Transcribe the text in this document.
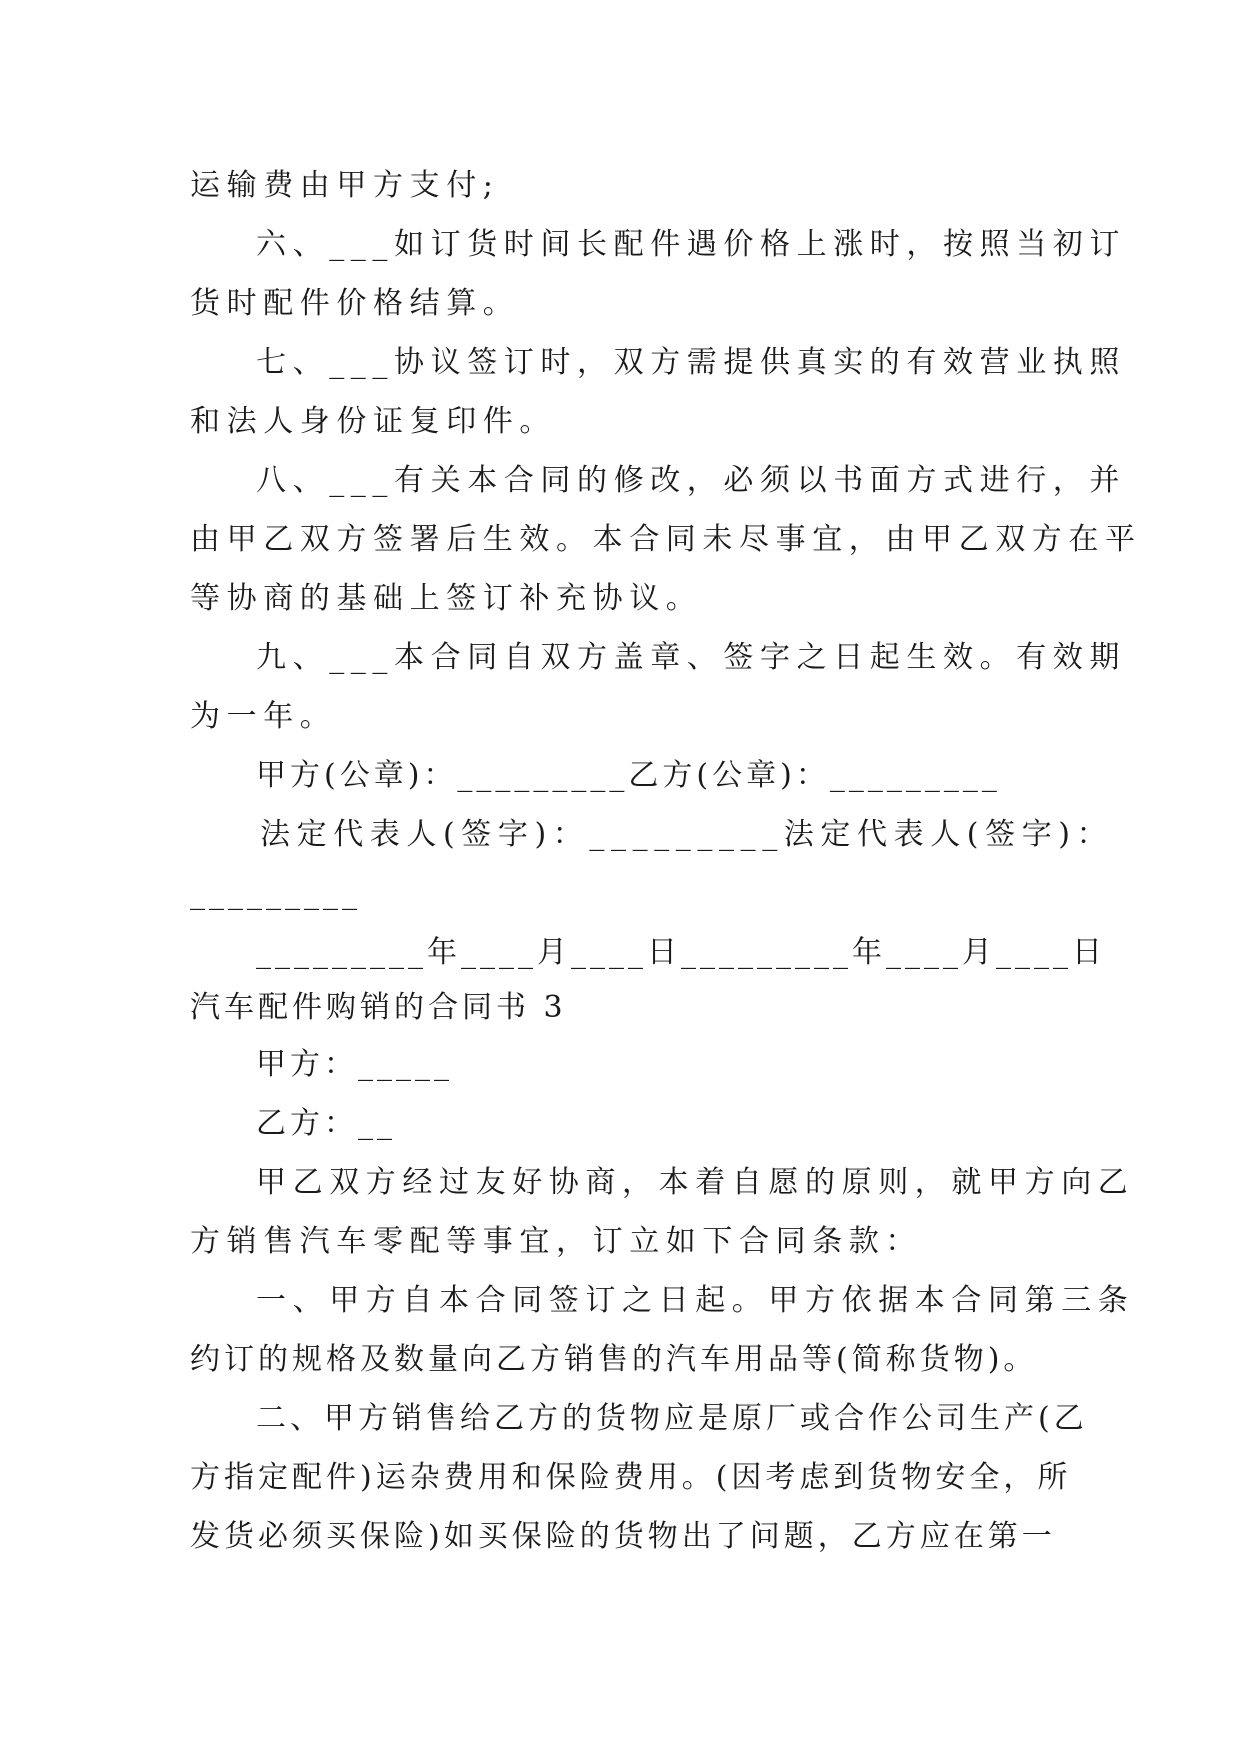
运输费由甲方支付;
六、___如订货时间长配件遇价格上涨时，按照当初订
货时配件价格结算。
七、___协议签订时，双方需提供真实的有效营业执照
和法人身份证复印件。
八、___有关本合同的修改，必须以书面方式进行，并
由甲乙双方签署后生效。本合同未尽事宜，由甲乙双方在平
等协商的基础上签订补充协议。
九、___本合同自双方盖章、签字之日起生效。有效期
为一年。
甲方(公章)：_________乙方(公章)：_________
法定代表人(签字)：_________法定代表人(签字)：
_________
_________年____月____日_________年____月____日
汽车配件购销的合同书 3
甲方：_____
乙方：__
甲乙双方经过友好协商，本着自愿的原则，就甲方向乙
方销售汽车零配等事宜，订立如下合同条款：
一、甲方自本合同签订之日起。甲方依据本合同第三条
约订的规格及数量向乙方销售的汽车用品等(简称货物)。
二、甲方销售给乙方的货物应是原厂或合作公司生产(乙
方指定配件)运杂费用和保险费用。(因考虑到货物安全，所
发货必须买保险)如买保险的货物出了问题，乙方应在第一
